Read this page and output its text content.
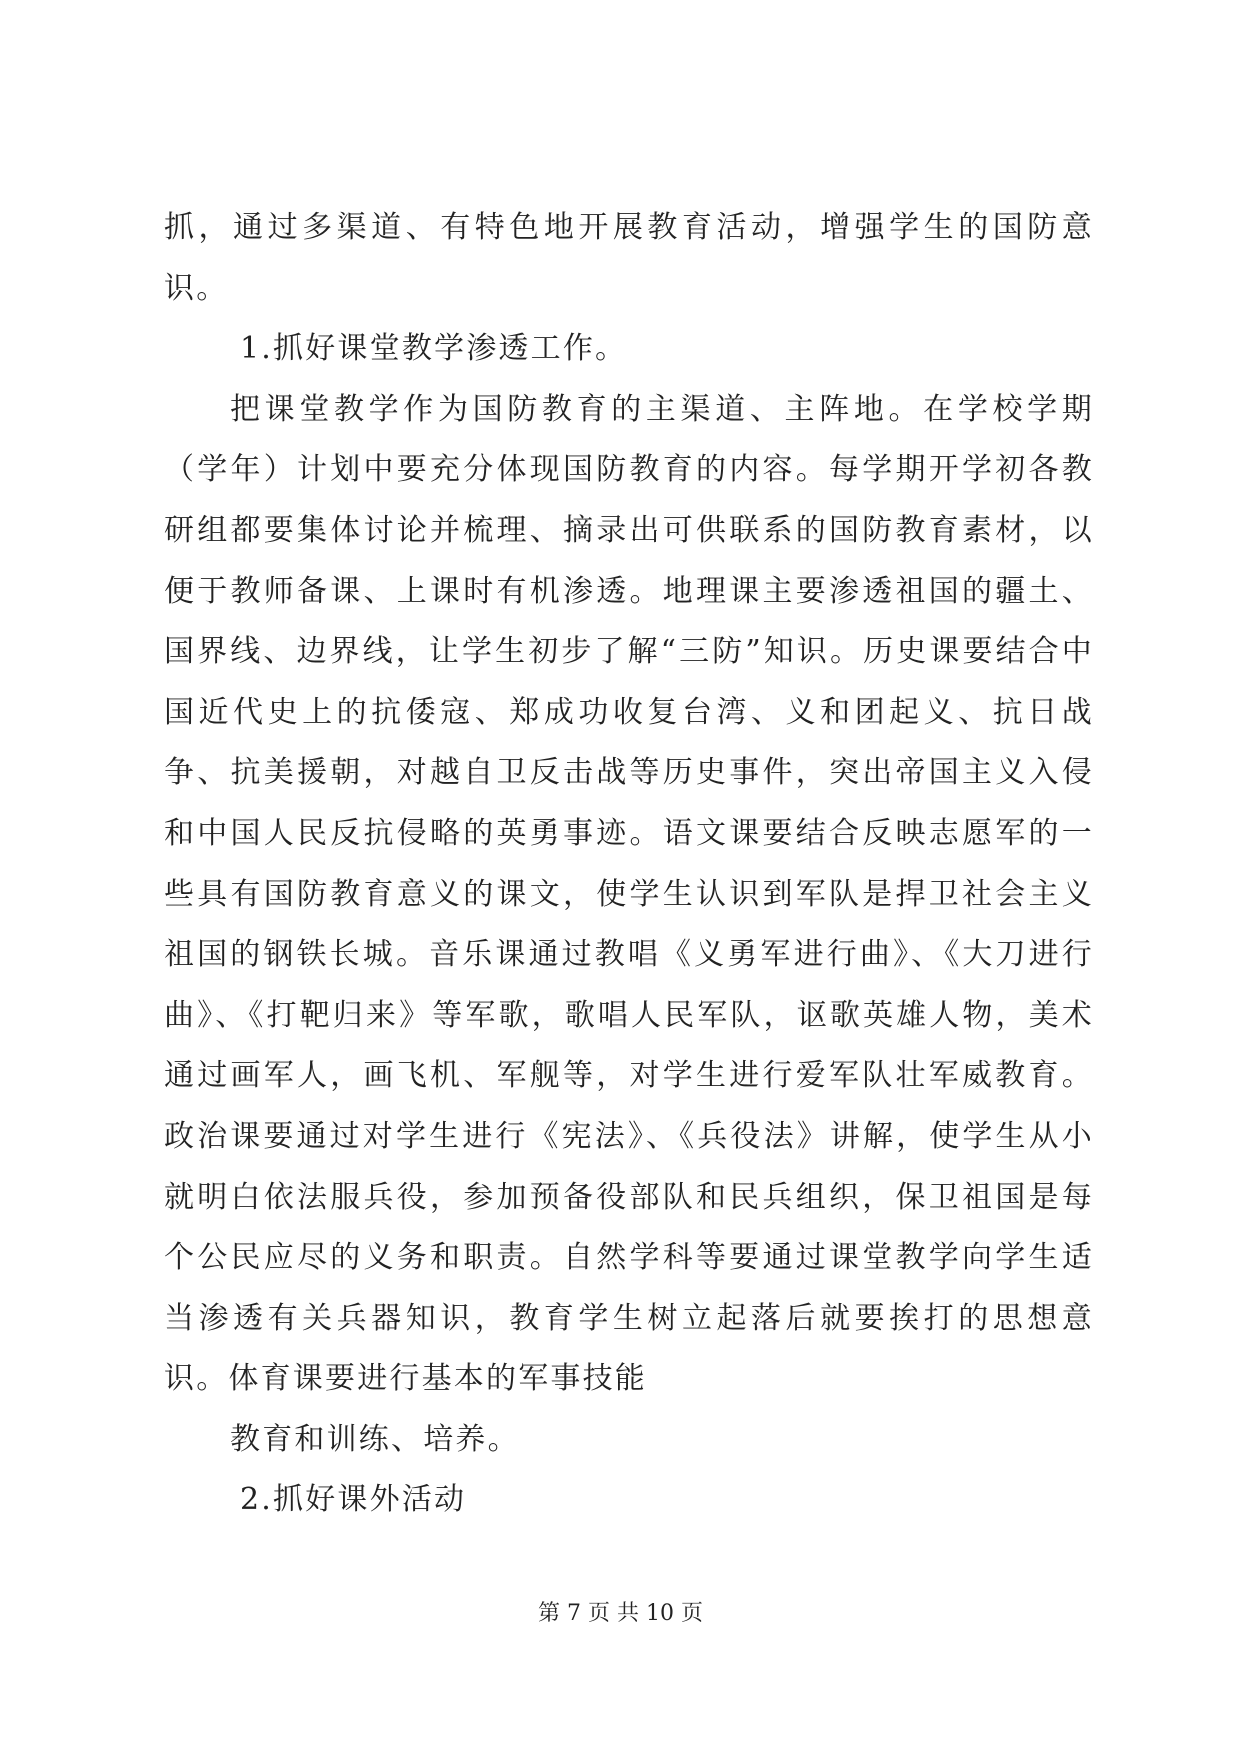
抓，通过多渠道、有特色地开展教育活动，增强学生的国防意识。

1.抓好课堂教学渗透工作。

把课堂教学作为国防教育的主渠道、主阵地。在学校学期（学年）计划中要充分体现国防教育的内容。每学期开学初各教研组都要集体讨论并梳理、摘录出可供联系的国防教育素材，以便于教师备课、上课时有机渗透。地理课主要渗透祖国的疆土、国界线、边界线，让学生初步了解“三防”知识。历史课要结合中国近代史上的抗倭寇、郑成功收复台湾、义和团起义、抗日战争、抗美援朝，对越自卫反击战等历史事件，突出帝国主义入侵和中国人民反抗侵略的英勇事迹。语文课要结合反映志愿军的一些具有国防教育意义的课文，使学生认识到军队是捍卫社会主义祖国的钢铁长城。音乐课通过教唱《义勇军进行曲》、《大刀进行曲》、《打靶归来》等军歌，歌唱人民军队，讴歌英雄人物，美术通过画军人，画飞机、军舰等，对学生进行爱军队壮军威教育。政治课要通过对学生进行《宪法》、《兵役法》讲解，使学生从小就明白依法服兵役，参加预备役部队和民兵组织，保卫祖国是每个公民应尽的义务和职责。自然学科等要通过课堂教学向学生适当渗透有关兵器知识，教育学生树立起落后就要挨打的思想意识。体育课要进行基本的军事技能

教育和训练、培养。

2.抓好课外活动

第 7 页 共 10 页
